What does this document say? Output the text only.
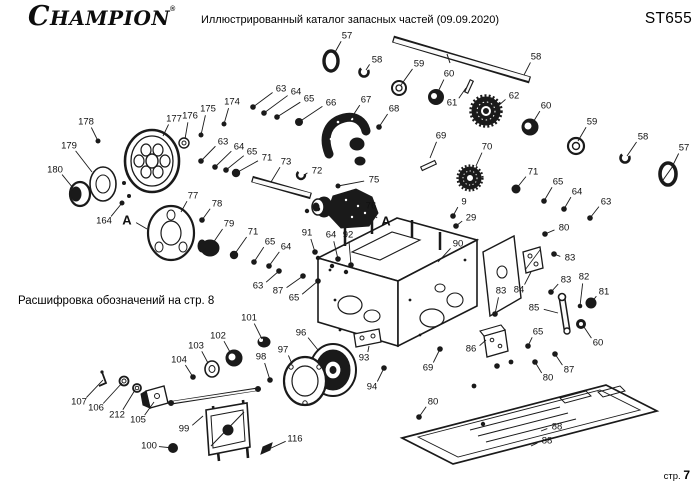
CHAMPION ®
Иллюстрированный каталог запасных частей (09.09.2020)	ST655
Расшифровка обозначений на стр. 8
57
58	58
59
60
61
62
60
59
58
57
63 64
65 66	67
68
178
179
180
177 176
175
174
164 A
63 64 65
71 73
72
75
76
A
69
70
71
65
64
63
80
9
29
90
77
78
79
71
65 64
63 87
65
91 64 92
86
93
94
69
96
97
98
101
102
103
104
107
106
212 105
99
100
116
80
83 84
83
83 82
81
85
65
60
87
80
88
88
стр. 7
